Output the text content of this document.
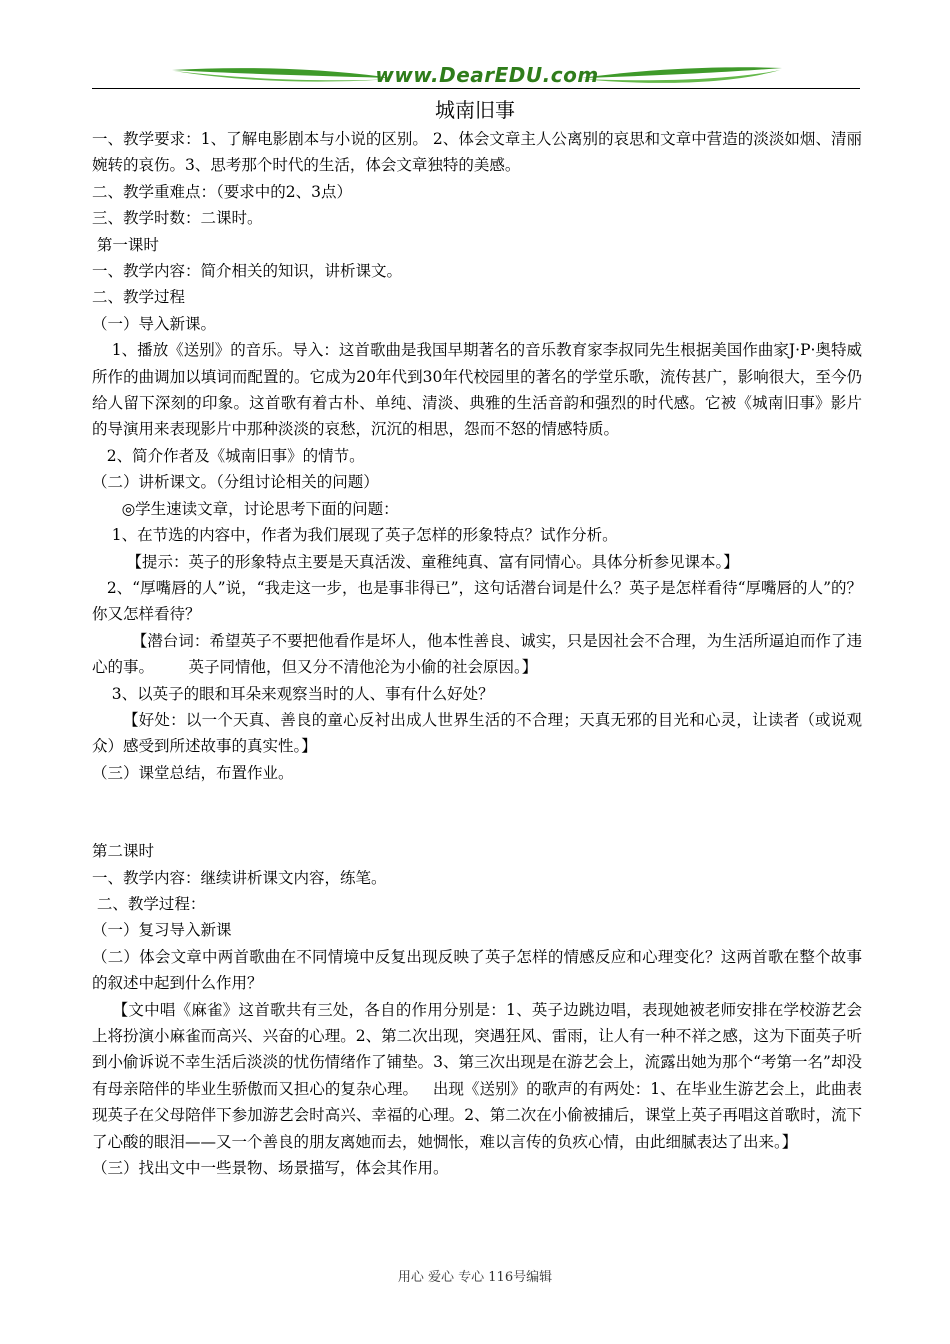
www.DearEDU.com
城南旧事

一、教学要求：1、了解电影剧本与小说的区别。 2、体会文章主人公离别的哀思和文章中营造的淡淡如烟、清丽婉转的哀伤。3、思考那个时代的生活，体会文章独特的美感。

二、教学重难点：（要求中的2、3点）

三、教学时数：二课时。

第一课时

一、教学内容：简介相关的知识，讲析课文。

二、教学过程

（一）导入新课。

1、播放《送别》的音乐。导入：这首歌曲是我国早期著名的音乐教育家李叔同先生根据美国作曲家J·P·奥特威所作的曲调加以填词而配置的。它成为20年代到30年代校园里的著名的学堂乐歌，流传甚广，影响很大，至今仍给人留下深刻的印象。这首歌有着古朴、单纯、清淡、典雅的生活音韵和强烈的时代感。它被《城南旧事》影片的导演用来表现影片中那种淡淡的哀愁，沉沉的相思，怨而不怒的情感特质。

2、简介作者及《城南旧事》的情节。

（二）讲析课文。（分组讨论相关的问题）

◎学生速读文章，讨论思考下面的问题：

1、在节选的内容中，作者为我们展现了英子怎样的形象特点？试作分析。

【提示：英子的形象特点主要是天真活泼、童稚纯真、富有同情心。具体分析参见课本。】

2、“厚嘴唇的人”说，“我走这一步，也是事非得已”，这句话潜台词是什么？英子是怎样看待“厚嘴唇的人”的？你又怎样看待？

【潜台词：希望英子不要把他看作是坏人，他本性善良、诚实，只是因社会不合理，为生活所逼迫而作了违心的事。       英子同情他，但又分不清他沦为小偷的社会原因。】

3、以英子的眼和耳朵来观察当时的人、事有什么好处？

【好处：以一个天真、善良的童心反衬出成人世界生活的不合理；天真无邪的目光和心灵，让读者（或说观众）感受到所述故事的真实性。】

（三）课堂总结，布置作业。

第二课时

一、教学内容：继续讲析课文内容，练笔。

二、教学过程：

（一）复习导入新课

（二）体会文章中两首歌曲在不同情境中反复出现反映了英子怎样的情感反应和心理变化？这两首歌在整个故事的叙述中起到什么作用？

【文中唱《麻雀》这首歌共有三处，各自的作用分别是：1、英子边跳边唱，表现她被老师安排在学校游艺会上将扮演小麻雀而高兴、兴奋的心理。2、第二次出现，突遇狂风、雷雨，让人有一种不祥之感，这为下面英子听到小偷诉说不幸生活后淡淡的忧伤情绪作了铺垫。3、第三次出现是在游艺会上，流露出她为那个“考第一名”却没有母亲陪伴的毕业生骄傲而又担心的复杂心理。   出现《送别》的歌声的有两处：1、在毕业生游艺会上，此曲表现英子在父母陪伴下参加游艺会时高兴、幸福的心理。2、第二次在小偷被捕后，课堂上英子再唱这首歌时，流下了心酸的眼泪——又一个善良的朋友离她而去，她惆怅，难以言传的负疚心情，由此细腻表达了出来。】

（三）找出文中一些景物、场景描写，体会其作用。

用心 爱心 专心 116号编辑
